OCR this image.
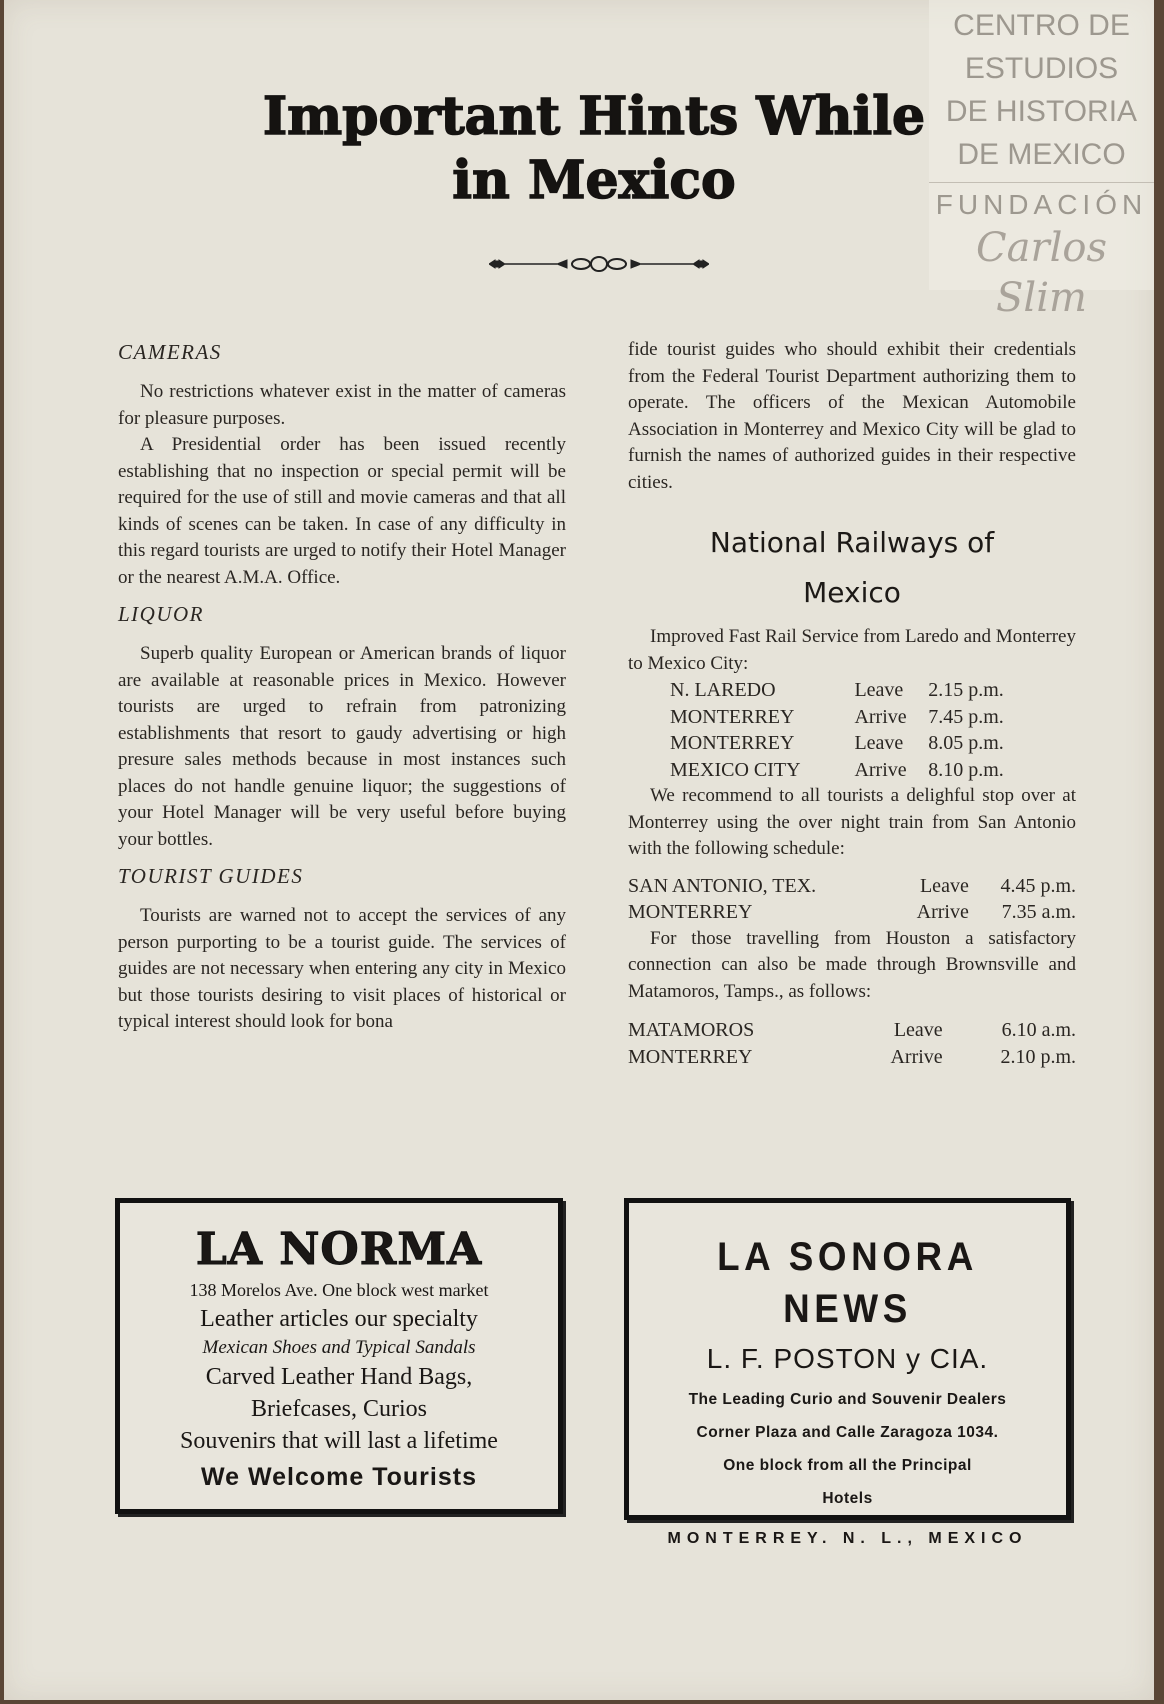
CENTRO DE
ESTUDIOS
DE HISTORIA
DE MEXICO
FUNDACIÓN
Carlos Slim
Important Hints While
in Mexico
CAMERAS

No restrictions whatever exist in the matter of cameras for pleasure purposes.

A Presidential order has been issued recently establishing that no inspection or special permit will be required for the use of still and movie cameras and that all kinds of scenes can be taken. In case of any difficulty in this regard tourists are urged to notify their Hotel Manager or the nearest A.M.A. Office.

LIQUOR

Superb quality European or American brands of liquor are available at reasonable prices in Mexico. However tourists are urged to refrain from patronizing establishments that resort to gaudy advertising or high presure sales methods because in most instances such places do not handle genuine liquor; the suggestions of your Hotel Manager will be very useful before buying your bottles.

TOURIST GUIDES

Tourists are warned not to accept the services of any person purporting to be a tourist guide. The services of guides are not necessary when entering any city in Mexico but those tourists desiring to visit places of historical or typical interest should look for bona

fide tourist guides who should exhibit their credentials from the Federal Tourist Department authorizing them to operate. The officers of the Mexican Automobile Association in Monterrey and Mexico City will be glad to furnish the names of authorized guides in their respective cities.

National Railways of
Mexico

Improved Fast Rail Service from Laredo and Monterrey to Mexico City:

N. LAREDO	Leave	2.15 p.m.
MONTERREY	Arrive	7.45 p.m.
MONTERREY	Leave	8.05 p.m.
MEXICO CITY	Arrive	8.10 p.m.

We recommend to all tourists a delighful stop over at Monterrey using the over night train from San Antonio with the following schedule:

SAN ANTONIO, TEX.	Leave	4.45 p.m.
MONTERREY	Arrive	7.35 a.m.

For those travelling from Houston a satisfactory connection can also be made through Brownsville and Matamoros, Tamps., as follows:

MATAMOROS	Leave	6.10 a.m.
MONTERREY	Arrive	2.10 p.m.
LA NORMA
138 Morelos Ave. One block west market
Leather articles our specialty
Mexican Shoes and Typical Sandals
Carved Leather Hand Bags,
Briefcases, Curios
Souvenirs that will last a lifetime
We Welcome Tourists
LA SONORA NEWS
L. F. POSTON y CIA.
The Leading Curio and Souvenir Dealers
Corner Plaza and Calle Zaragoza 1034.
One block from all the Principal
Hotels
MONTERREY. N. L., MEXICO
